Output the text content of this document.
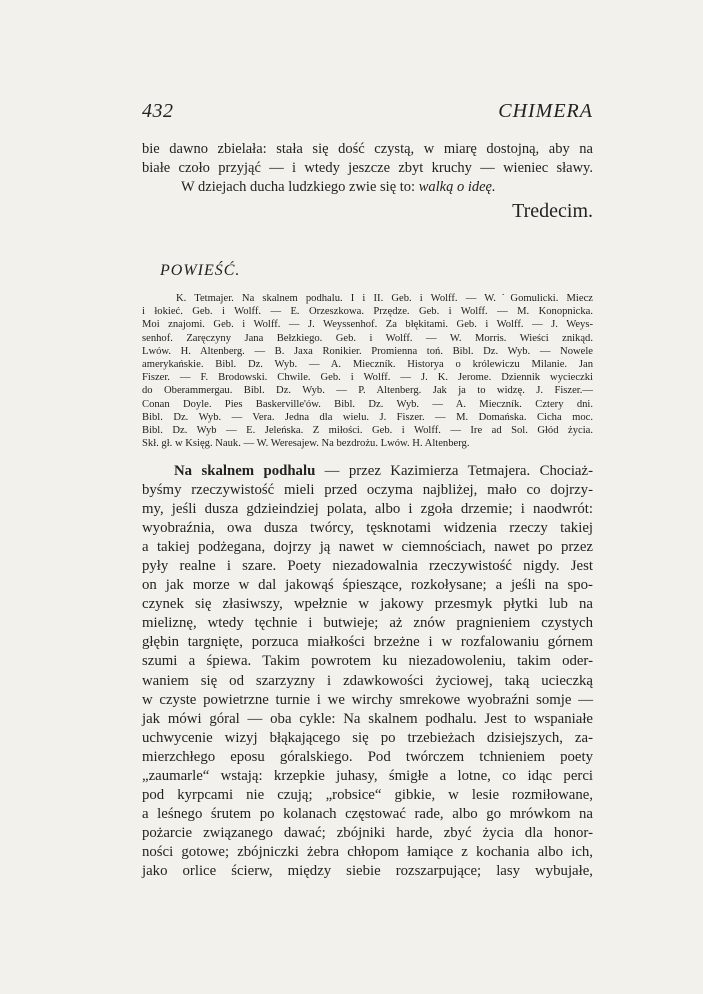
432	CHIMERA
bie dawno zbielała: stała się dość czystą, w miarę dostojną, aby na
białe czoło przyjąć — i wtedy jeszcze zbyt kruchy — wieniec sławy.
W dziejach ducha ludzkiego zwie się to: walką o ideę.
Tredecim.
POWIEŚĆ.
K. Tetmajer. Na skalnem podhalu. I i II. Geb. i Wolff. — W.˙Gomulicki. Miecz
i łokieć. Geb. i Wolff. — E. Orzeszkowa. Przędze. Geb. i Wolff. — M. Konopnicka.
Moi znajomi. Geb. i Wolff. — J. Weyssenhof. Za błękitami. Geb. i Wolff. — J. Weys-
senhof. Zaręczyny Jana Bełzkiego. Geb. i Wolff. — W. Morris. Wieści znikąd.
Lwów. H. Altenberg. — B. Jaxa Ronikier. Promienna toń. Bibl. Dz. Wyb. — Nowele
amerykańskie. Bibl. Dz. Wyb. — A. Mieczník. Historya o królewiczu Milanie. Jan
Fiszer. — F. Brodowski. Chwile. Geb. i Wolff. — J. K. Jerome. Dziennik wycieczki
do Oberammergau. Bibl. Dz. Wyb. — P. Altenberg. Jak ja to widzę. J. Fiszer.—
Conan Doyle. Pies Baskerville'ów. Bibl. Dz. Wyb. — A. Mieczník. Cztery dni.
Bibl. Dz. Wyb. — Vera. Jedna dla wielu. J. Fiszer. — M. Domańska. Cicha moc.
Bibl. Dz. Wyb — E. Jeleńska. Z miłości. Geb. i Wolff. — Ire ad Sol. Głód życia.
Skł. gł. w Księg. Nauk. — W. Weresajew. Na bezdrożu. Lwów. H. Altenberg.
Na skalnem podhalu — przez Kazimierza Tetmajera. Chociaż-
byśmy rzeczywistość mieli przed oczyma najbliżej, mało co dojrzy-
my, jeśli dusza gdzieindziej polata, albo i zgoła drzemie; i naodwrót:
wyobraźnia, owa dusza twórcy, tęsknotami widzenia rzeczy takiej
a takiej podżegana, dojrzy ją nawet w ciemnościach, nawet po przez
pyły realne i szare. Poety niezadowalnia rzeczywistość nigdy. Jest
on jak morze w dal jakowąś śpieszące, rozkołysane; a jeśli na spo-
czynek się złasiwszy, wpełznie w jakowy przesmyk płytki lub na
mieliznę, wtedy tęchnie i butwieje; aż znów pragnieniem czystych
głębin targnięte, porzuca miałkości brzeżne i w rozfalowaniu górnem
szumi a śpiewa. Takim powrotem ku niezadowoleniu, takim oder-
waniem się od szarzyzny i zdawkowości życiowej, taką ucieczką
w czyste powietrzne turnie i we wirchy smrekowe wyobraźni somje —
jak mówi góral — oba cykle: Na skalnem podhalu. Jest to wspaniałe
uchwycenie wizyj błąkającego się po trzebieżach dzisiejszych, za-
mierzchłego eposu góralskiego. Pod twórczem tchnieniem poety
„zaumarle“ wstają: krzepkie juhasy, śmigłe a lotne, co idąc perci
pod kyrpcami nie czują; „robsice“ gibkie, w lesie rozmiłowane,
a leśnego śrutem po kolanach częstować rade, albo go mrówkom na
pożarcie związanego dawać; zbójniki harde, zbyć życia dla honor-
ności gotowe; zbójniczki żebra chłopom łamiące z kochania albo ich,
jako orlice ścierw, między siebie rozszarpujące; lasy wybujałe,
